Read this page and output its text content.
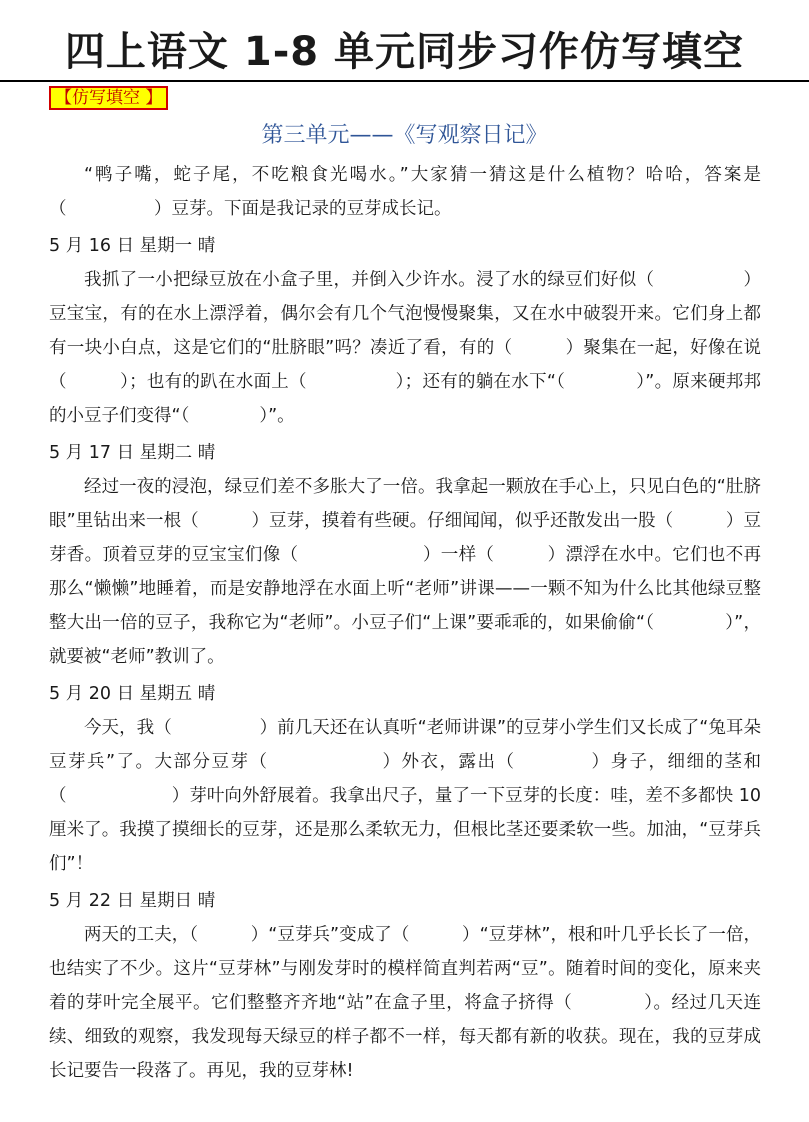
四上语文 1-8 单元同步习作仿写填空
【仿写填空 】
第三单元——《写观察日记》

“鸭子嘴，蛇子尾，不吃粮食光喝水。”大家猜一猜这是什么植物？哈哈，答案是（　　　　　）豆芽。下面是我记录的豆芽成长记。

5 月 16 日 星期一 晴

我抓了一小把绿豆放在小盒子里，并倒入少许水。浸了水的绿豆们好似（　　　　　）豆宝宝，有的在水上漂浮着，偶尔会有几个气泡慢慢聚集，又在水中破裂开来。它们身上都有一块小白点，这是它们的“肚脐眼”吗？凑近了看，有的（　　　）聚集在一起，好像在说（　　　）；也有的趴在水面上（　　　　　）；还有的躺在水下“（　　　　）”。原来硬邦邦的小豆子们变得“（　　　　）”。

5 月 17 日 星期二 晴

经过一夜的浸泡，绿豆们差不多胀大了一倍。我拿起一颗放在手心上，只见白色的“肚脐眼”里钻出来一根（　　　）豆芽，摸着有些硬。仔细闻闻，似乎还散发出一股（　　　）豆芽香。顶着豆芽的豆宝宝们像（　　　　　　　）一样（　　　）漂浮在水中。它们也不再那么“懒懒”地睡着，而是安静地浮在水面上听“老师”讲课——一颗不知为什么比其他绿豆整整大出一倍的豆子，我称它为“老师”。小豆子们“上课”要乖乖的，如果偷偷“（　　　　）”，就要被“老师”教训了。

5 月 20 日 星期五 晴

今天，我（　　　　　）前几天还在认真听“老师讲课”的豆芽小学生们又长成了“兔耳朵豆芽兵”了。大部分豆芽（　　　　　　）外衣，露出（　　　　）身子，细细的茎和（　　　　　　）芽叶向外舒展着。我拿出尺子，量了一下豆芽的长度：哇，差不多都快 10 厘米了。我摸了摸细长的豆芽，还是那么柔软无力，但根比茎还要柔软一些。加油，“豆芽兵们”！

5 月 22 日 星期日 晴

两天的工夫，（　　　）“豆芽兵”变成了（　　　）“豆芽林”，根和叶几乎长长了一倍，也结实了不少。这片“豆芽林”与刚发芽时的模样简直判若两“豆”。随着时间的变化，原来夹着的芽叶完全展平。它们整整齐齐地“站”在盒子里，将盒子挤得（　　　　）。经过几天连续、细致的观察，我发现每天绿豆的样子都不一样，每天都有新的收获。现在，我的豆芽成长记要告一段落了。再见，我的豆芽林!
